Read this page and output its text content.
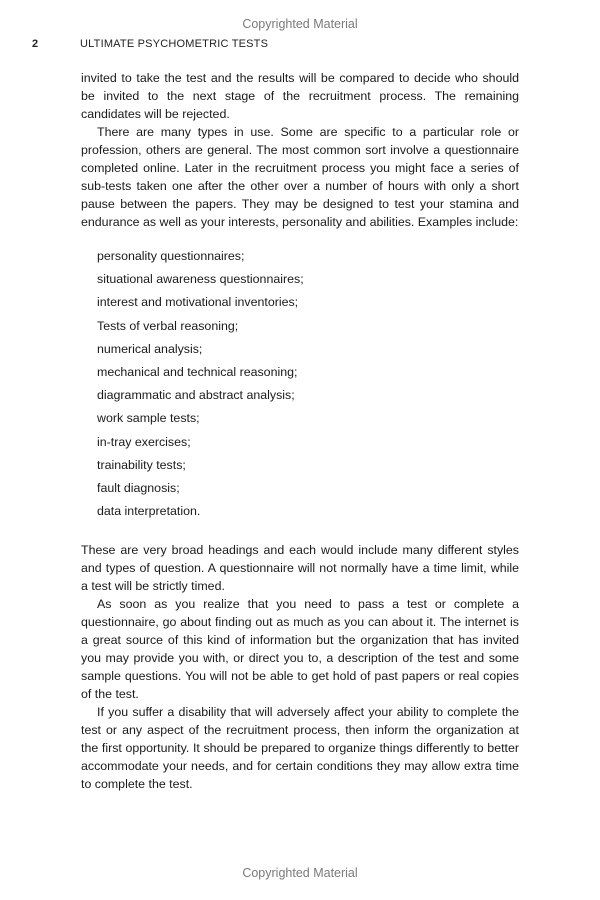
Copyrighted Material
2	ULTIMATE PSYCHOMETRIC TESTS

invited to take the test and the results will be compared to decide who should be invited to the next stage of the recruitment process. The remaining candidates will be rejected.

There are many types in use. Some are specific to a particular role or profession, others are general. The most common sort involve a questionnaire completed online. Later in the recruitment process you might face a series of sub-tests taken one after the other over a number of hours with only a short pause between the papers. They may be designed to test your stamina and endurance as well as your interests, personality and abilities. Examples include:

personality questionnaires;
situational awareness questionnaires;
interest and motivational inventories;
Tests of verbal reasoning;
numerical analysis;
mechanical and technical reasoning;
diagrammatic and abstract analysis;
work sample tests;
in-tray exercises;
trainability tests;
fault diagnosis;
data interpretation.

These are very broad headings and each would include many different styles and types of question. A questionnaire will not normally have a time limit, while a test will be strictly timed.

As soon as you realize that you need to pass a test or complete a questionnaire, go about finding out as much as you can about it. The internet is a great source of this kind of information but the organization that has invited you may provide you with, or direct you to, a description of the test and some sample questions. You will not be able to get hold of past papers or real copies of the test.

If you suffer a disability that will adversely affect your ability to complete the test or any aspect of the recruitment process, then inform the organization at the first opportunity. It should be prepared to organize things differently to better accommodate your needs, and for certain conditions they may allow extra time to complete the test.

Copyrighted Material
